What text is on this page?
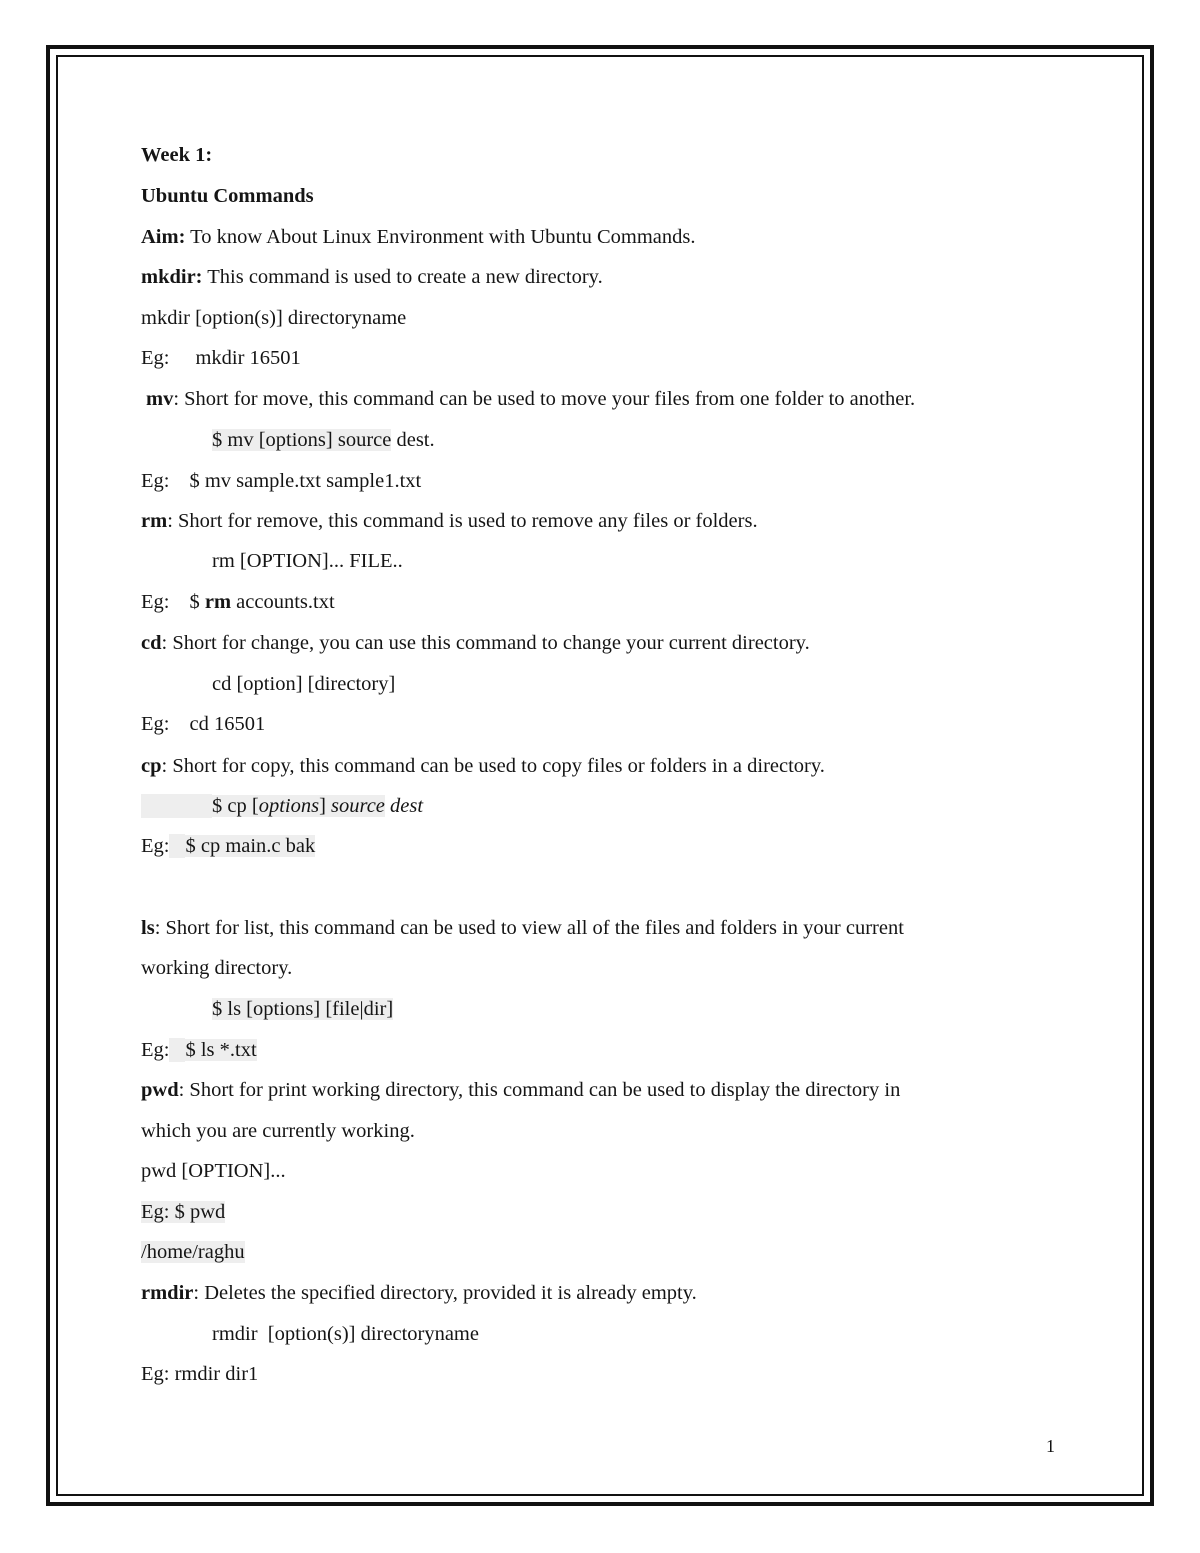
Week 1:
Ubuntu Commands
Aim: To know About Linux Environment with Ubuntu Commands.
mkdir: This command is used to create a new directory.
mkdir [option(s)] directoryname
Eg: mkdir 16501
mv: Short for move, this command can be used to move your files from one folder to another.
$ mv [options] source dest.
Eg: $ mv sample.txt sample1.txt
rm: Short for remove, this command is used to remove any files or folders.
rm [OPTION]... FILE..
Eg: $ rm accounts.txt
cd: Short for change, you can use this command to change your current directory.
cd [option] [directory]
Eg: cd 16501
cp: Short for copy, this command can be used to copy files or folders in a directory.
$ cp [options] source dest
Eg: $ cp main.c bak
ls: Short for list, this command can be used to view all of the files and folders in your current
working directory.
$ ls [options] [file|dir]
Eg: $ ls *.txt
pwd: Short for print working directory, this command can be used to display the directory in
which you are currently working.
pwd [OPTION]...
Eg: $ pwd
/home/raghu
rmdir: Deletes the specified directory, provided it is already empty.
rmdir  [option(s)] directoryname
Eg: rmdir dir1
1
